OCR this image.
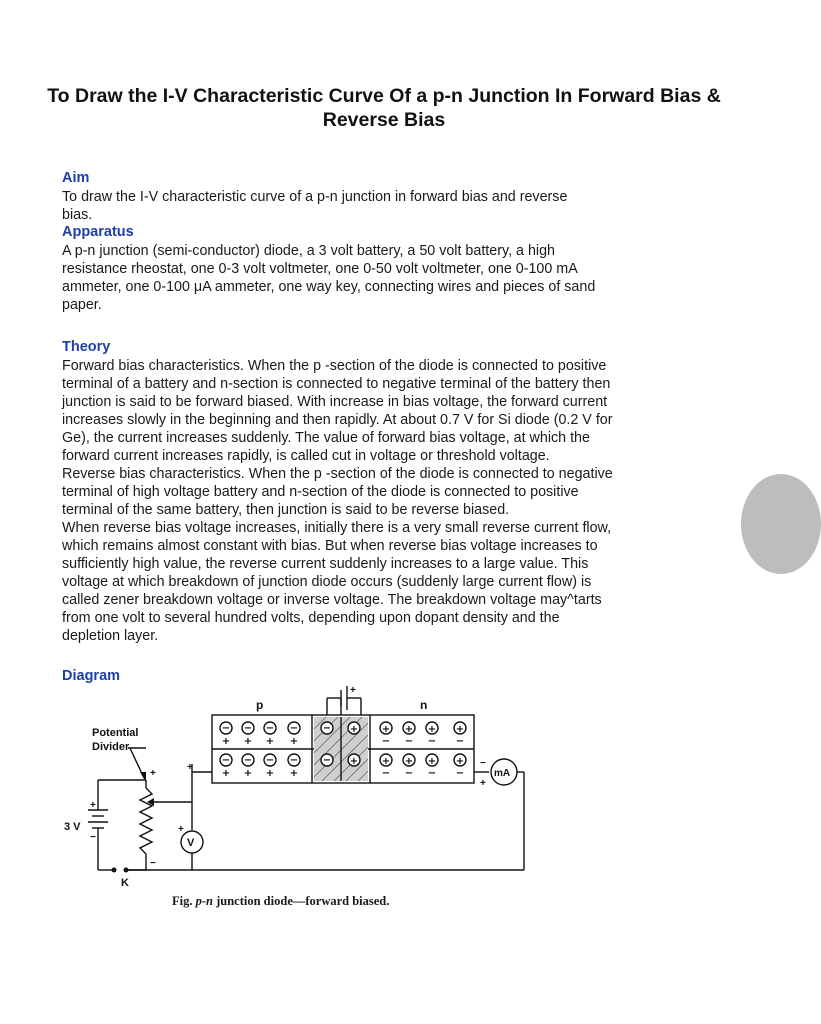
To Draw the I-V Characteristic Curve Of a p-n Junction In Forward Bias & Reverse Bias
Aim
To draw the I-V characteristic curve of a p-n junction in forward bias and reverse
bias.
Apparatus
A p-n junction (semi-conductor) diode, a 3 volt battery, a 50 volt battery, a high
resistance rheostat, one 0-3 volt voltmeter, one 0-50 volt voltmeter, one 0-100 mA
ammeter, one 0-100 μA ammeter, one way key, connecting wires and pieces of sand
paper.
Theory
Forward bias characteristics. When the p -section of the diode is connected to positive
terminal of a battery and n-section is connected to negative terminal of the battery then
junction is said to be forward biased. With increase in bias voltage, the forward current
increases slowly in the beginning and then rapidly. At about 0.7 V for Si diode (0.2 V for
Ge), the current increases suddenly. The value of forward bias voltage, at which the
forward current increases rapidly, is called cut in voltage or threshold voltage.
Reverse bias characteristics. When the p -section of the diode is connected to negative
terminal of high voltage battery and n-section of the diode is connected to positive
terminal of the same battery, then junction is said to be reverse biased.
When reverse bias voltage increases, initially there is a very small reverse current flow,
which remains almost constant with bias. But when reverse bias voltage increases to
sufficiently high value, the reverse current suddenly increases to a large value. This
voltage at which breakdown of junction diode occurs (suddenly large current flow) is
called zener breakdown voltage or inverse voltage. The breakdown voltage may^tarts
from one volt to several hundred volts, depending upon dopant density and the
depletion layer.
Diagram
− − − −
+ + + +
− − − −
+ + + +
− +
− +
+ + + +
− − − −
+ + + +
− − − −
p	n
+
Potential
Divider
+
−
+
+
V
mA
−
+
3 V
+
−
K
Fig. p-n junction diode—forward biased.
